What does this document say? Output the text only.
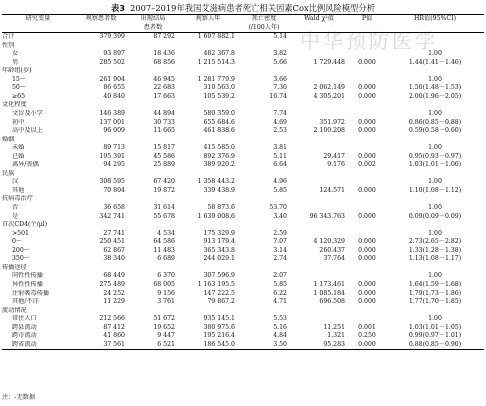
表3 2007–2019年我国艾滋病患者死亡相关因素Cox比例风险模型分析
中华预防医学
研究变量	观察患者数	出现结局	观察人年	死亡密度	Wald χ²值	P值	HR值(95%CI)
		患者数		(/100人年)			
合计	379 399	87 292	1 697 882.1	5.14			
性别							
女	93 897	18 436	482 367.8	3.82			1.00
男	285 502	68 856	1 215 514.3	5.66	1 729.448	0.000	1.44(1.41－1.46)
年龄组(岁)							
15～	261 904	46 945	1 281 779.9	3.66			1.00
50～	86 655	22 683	310 563.0	7.30	2 062.149	0.000	1.50(1.48－1.53)
≥65	40 840	17 663	105 539.2	16.74	4 305.201	0.000	2.00(1.96－2.05)
文化程度							
文盲及小学	146 389	44 894	580 359.0	7.74			1.00
初中	137 001	30 733	655 684.6	4.69	351.972	0.000	0.86(0.85－0.88)
高中及以上	96 009	11 665	461 838.6	2.53	2 100.208	0.000	0.59(0.58－0.60)
婚姻							
未婚	89 713	15 817	415 585.0	3.81			1.00
已婚	195 391	45 586	892 376.9	5.11	29.417	0.000	0.95(0.93－0.97)
离异/丧偶	94 295	25 889	389 920.2	6.64	9.176	0.002	1.03(1.01－1.06)
民族							
汉	308 595	67 420	1 358 443.2	4.96			1.00
其他	70 804	19 872	339 438.9	5.85	124.571	0.000	1.10(1.08－1.12)
抗病毒治疗							
否	36 658	31 614	58 873.6	53.70			1.00
是	342 741	55 678	1 639 008.6	3.40	96 343.763	0.000	0.09(0.09－0.09)
首次CD4(个/μl)							
>501	27 741	4 534	175 329.9	2.59			1.00
0～	250 451	64 586	913 179.4	7.07	4 120.329	0.000	2.73(2.65－2.82)
200～	62 867	11 483	365 343.8	3.14	260.437	0.000	1.33(1.28－1.38)
350～	38 340	6 689	244 029.1	2.74	37.764	0.000	1.13(1.08－1.17)
传播途径							
同性性传播	68 449	6 370	307 596.9	2.07			1.00
异性性传播	275 489	68 005	1 163 195.5	5.85	1 173.461	0.000	1.64(1.59－1.68)
注射吸毒传播	24 252	9 156	147 222.5	6.22	1 085.184	0.000	1.79(1.73－1.86)
其他/不详	11 229	3 761	79 867.2	4.71	696.508	0.000	1.77(1.70－1.85)
流动情况							
常住人口	212 566	51 672	935 145.1	5.53			1.00
跨县流动	87 412	19 652	380 975.6	5.16	11.251	0.001	1.03(1.01－1.05)
跨市流动	41 860	9 447	195 216.4	4.84	1.321	0.250	0.99(0.97－1.01)
跨省流动	37 561	6 521	186 545.0	3.50	95.283	0.000	0.88(0.85－0.90)
注：-无数据
